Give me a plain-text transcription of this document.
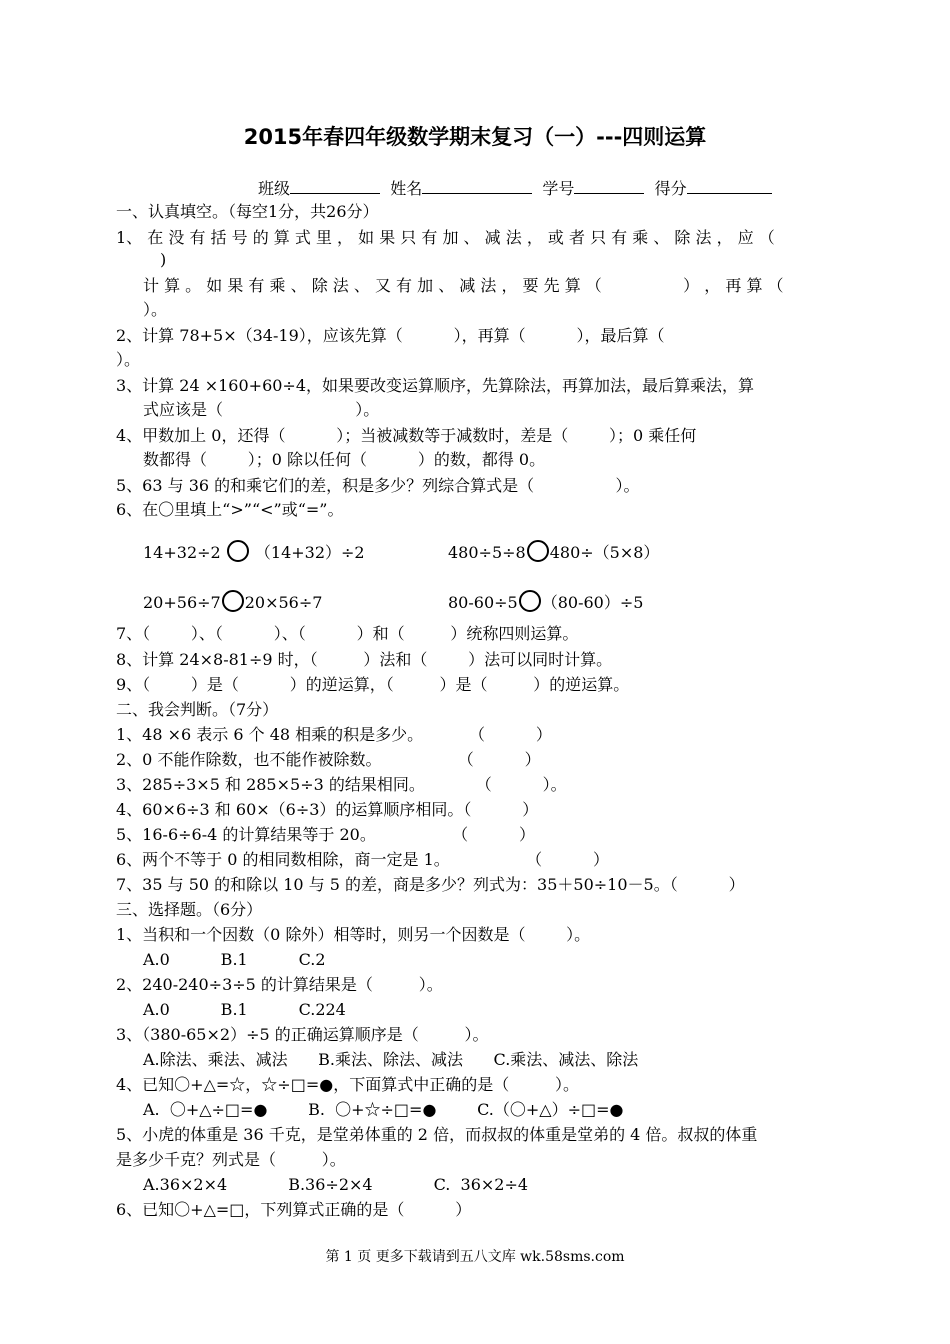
2015年春四年级数学期末复习（一）---四则运算
班级	姓名	学号	得分
一、认真填空。（每空1分，共26分）
1、 在 没 有 括 号 的 算 式 里 ， 如 果 只 有 加 、 减 法 ， 或 者 只 有 乘 、 除 法 ， 应 （
)
计 算 。 如 果 有 乘 、 除 法 、 又 有 加 、 减 法 ， 要 先 算 （                ） ， 再 算 （
）。
2、计算 78+5×（34-19），应该先算（          ），再算（          ），最后算（
）。
3、计算 24 ×160+60÷4，如果要改变运算顺序，先算除法，再算加法，最后算乘法，算
式应该是（                          ）。
4、甲数加上 0，还得（          ）；当被减数等于减数时，差是（        ）；0 乘任何
数都得（        ）；0 除以任何（          ）的数，都得 0。
5、63 与 36 的和乘它们的差，积是多少？列综合算式是（                ）。
6、在〇里填上“>”“<”或“=”。
14+32÷2  （14+32）÷2	480÷5÷8 480÷（5×8）
20+56÷7 20×56÷7	80-60÷5 （80-60）÷5
7、（        ）、（          ）、（          ）和（         ）统称四则运算。
8、计算 24×8-81÷9 时，（         ）法和（        ）法可以同时计算。
9、（        ）是（          ）的逆运算，（         ）是（         ）的逆运算。
二、我会判断。（7分）
1、48 ×6 表示 6 个 48 相乘的积是多少。         （          ）
2、0 不能作除数，也不能作被除数。               （          ）
3、285÷3×5 和 285×5÷3 的结果相同。          （          ）。
4、60×6÷3 和 60×（6÷3）的运算顺序相同。（          ）
5、16-6÷6-4 的计算结果等于 20。               （          ）
6、两个不等于 0 的相同数相除，商一定是 1。               （          ）
7、35 与 50 的和除以 10 与 5 的差，商是多少？列式为：35＋50÷10－5。（          ）
三、选择题。（6分）
1、当积和一个因数（0 除外）相等时，则另一个因数是（        ）。
A.0          B.1          C.2
2、240-240÷3÷5 的计算结果是（         ）。
A.0          B.1          C.224
3、（380-65×2）÷5 的正确运算顺序是（         ）。
A.除法、乘法、减法      B.乘法、除法、减法      C.乘法、减法、除法
4、已知〇+△=☆，☆÷□=●，下面算式中正确的是（         ）。
A.  〇+△÷□=●        B.  〇+☆÷□=●        C.（〇+△）÷□=●
5、小虎的体重是 36 千克，是堂弟体重的 2 倍，而叔叔的体重是堂弟的 4 倍。叔叔的体重
是多少千克？列式是（         ）。
A.36×2×4            B.36÷2×4            C.  36×2÷4
6、已知〇+△=□，下列算式正确的是（          ）
第 1 页 更多下载请到五八文库 wk.58sms.com
